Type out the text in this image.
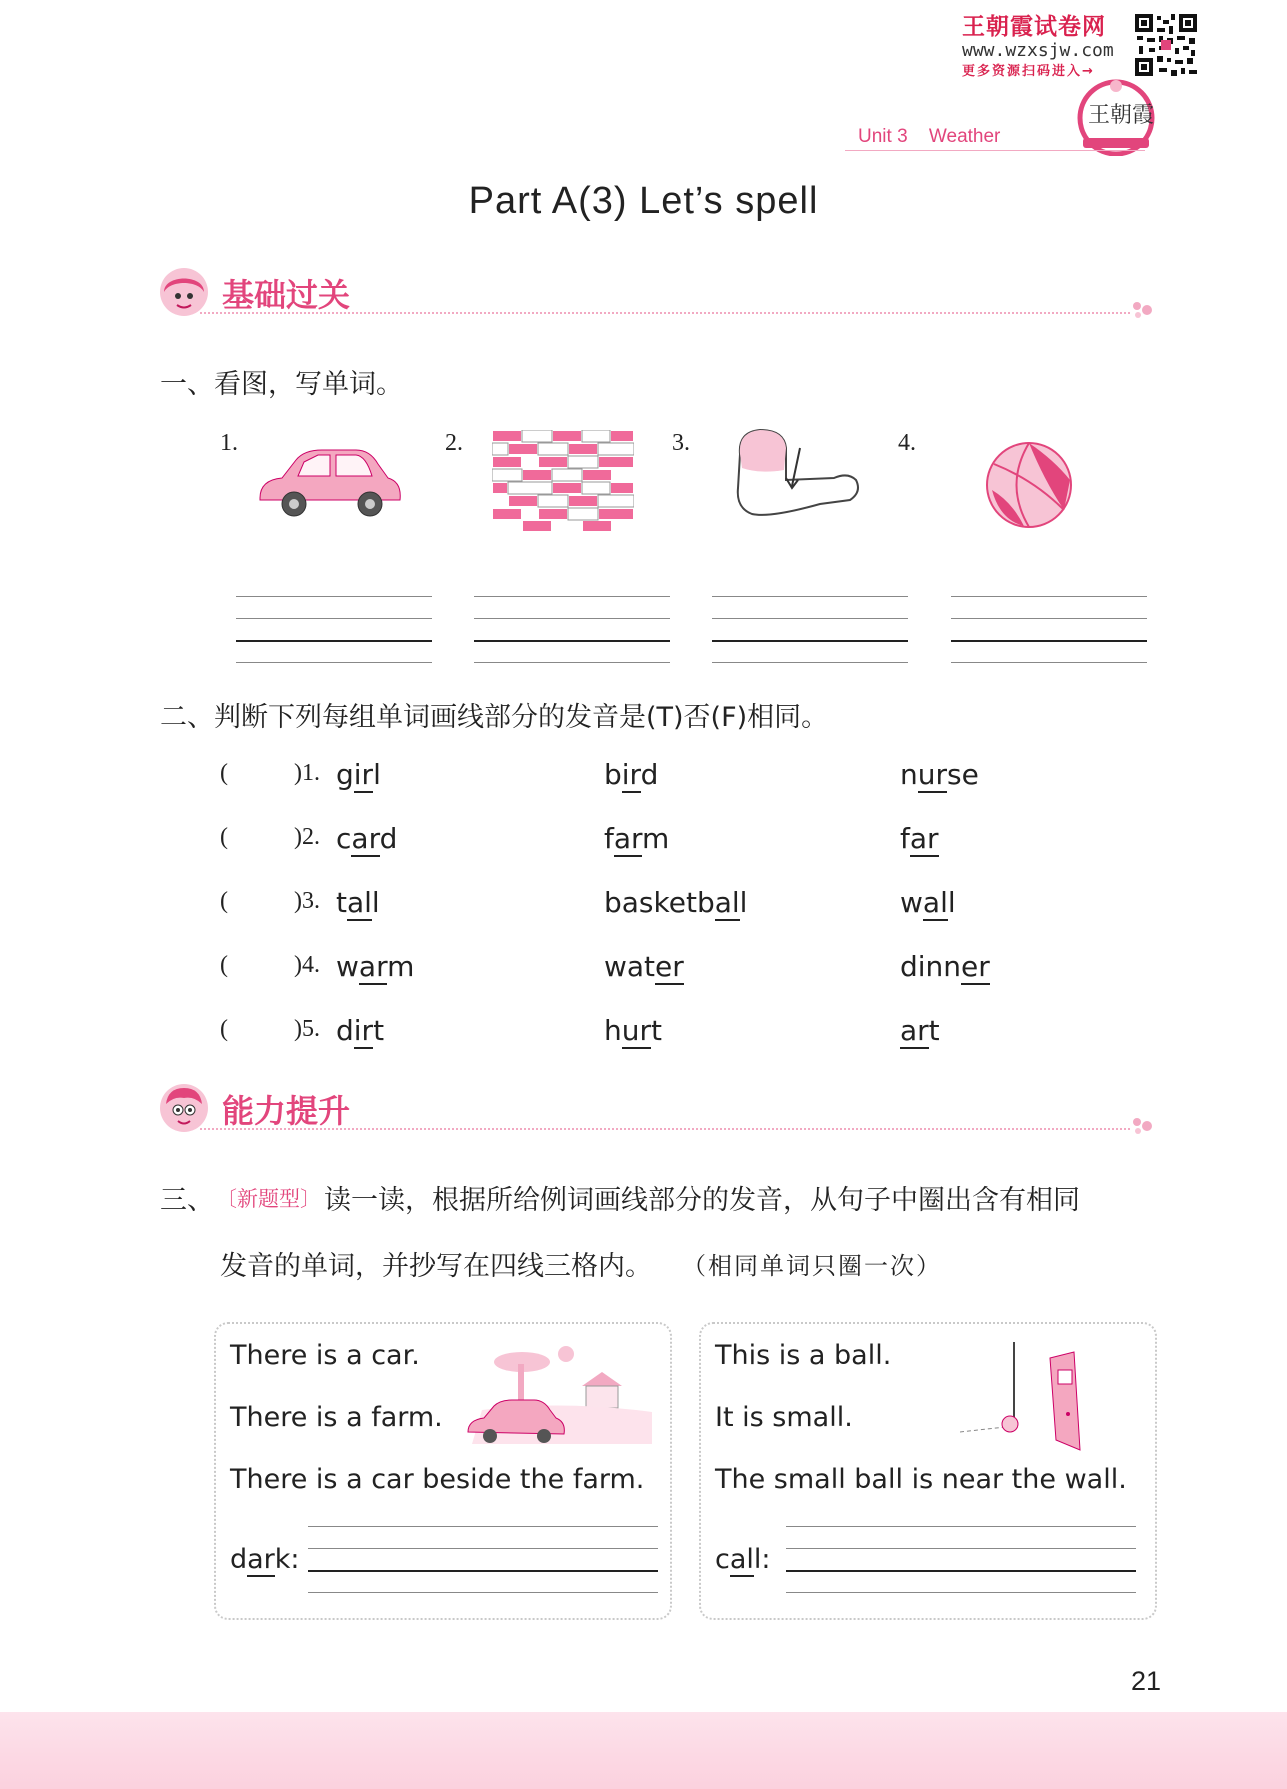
王朝霞试卷网
www.wzxsjw.com
更多资源扫码进入→
王朝霞
Unit 3 Weather
Part A(3) Let’s spell
基础过关
一、看图，写单词。
1.	2.	3.	4.
二、判断下列每组单词画线部分的发音是(T)否(F)相同。
(	)1. girl	bird	nurse
(	)2. card	farm	far
(	)3. tall	basketball	wall
(	)4. warm	water	dinner
(	)5. dirt	hurt	art
能力提升
三、 〔新题型〕 读一读，根据所给例词画线部分的发音，从句子中圈出含有相同
发音的单词，并抄写在四线三格内。 （相同单词只圈一次）
There is a car.
There is a farm.
There is a car beside the farm.
dark:
This is a ball.
It is small.
The small ball is near the wall.
call:
21
